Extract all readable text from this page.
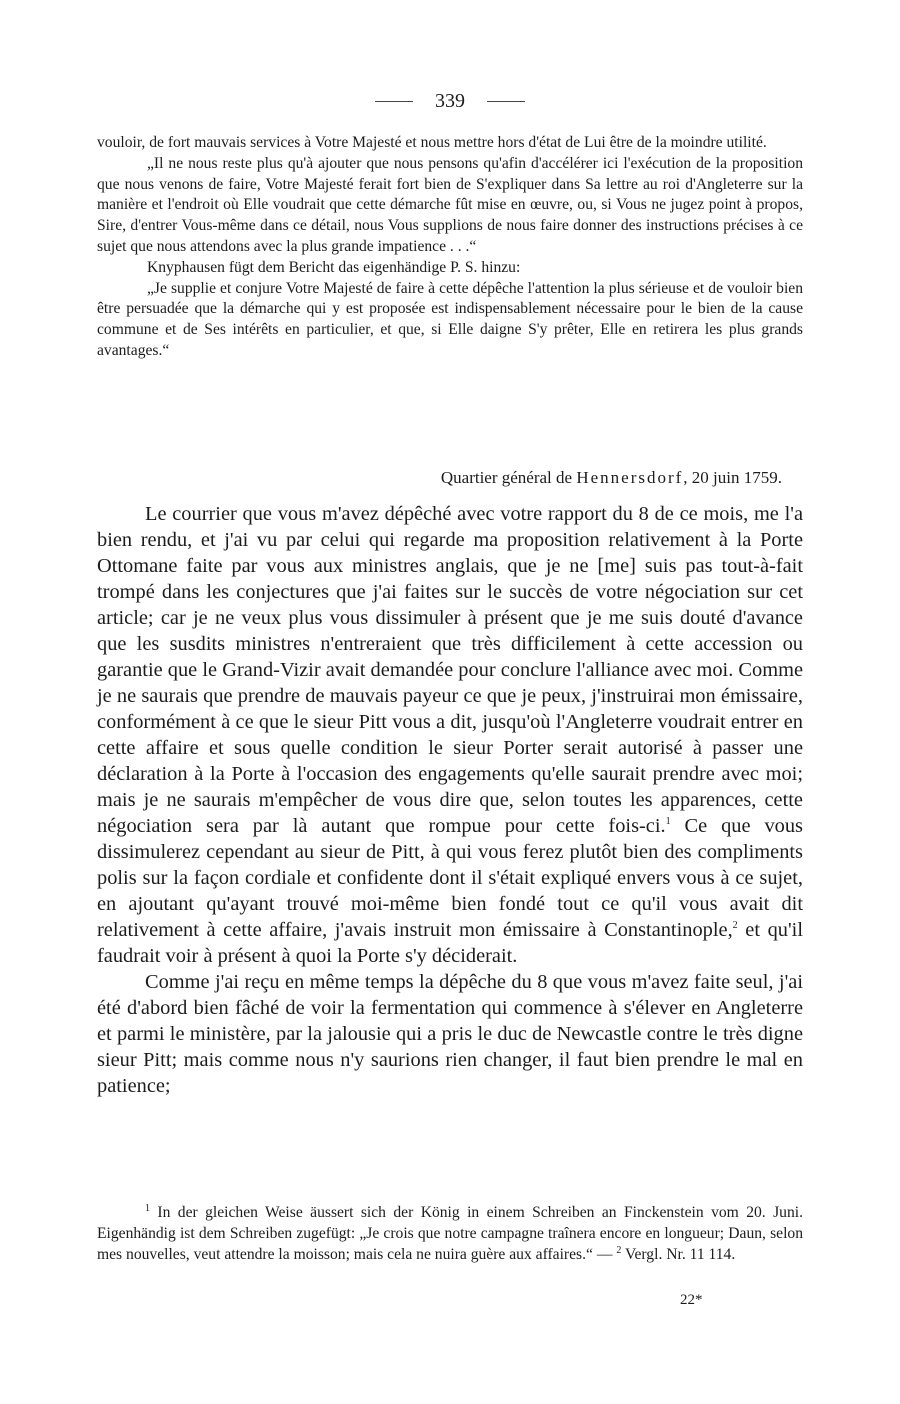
339

vouloir, de fort mauvais services à Votre Majesté et nous mettre hors d'état de Lui être de la moindre utilité.

„Il ne nous reste plus qu'à ajouter que nous pensons qu'afin d'accélérer ici l'exécution de la proposition que nous venons de faire, Votre Majesté ferait fort bien de S'expliquer dans Sa lettre au roi d'Angleterre sur la manière et l'endroit où Elle voudrait que cette démarche fût mise en œuvre, ou, si Vous ne jugez point à propos, Sire, d'entrer Vous-même dans ce détail, nous Vous supplions de nous faire donner des instructions précises à ce sujet que nous attendons avec la plus grande impatience . . .“

Knyphausen fügt dem Bericht das eigenhändige P. S. hinzu:

„Je supplie et conjure Votre Majesté de faire à cette dépêche l'attention la plus sérieuse et de vouloir bien être persuadée que la démarche qui y est proposée est indispensablement nécessaire pour le bien de la cause commune et de Ses intérêts en particulier, et que, si Elle daigne S'y prêter, Elle en retirera les plus grands avantages.“

Quartier général de Hennersdorf, 20 juin 1759.

Le courrier que vous m'avez dépêché avec votre rapport du 8 de ce mois, me l'a bien rendu, et j'ai vu par celui qui regarde ma proposition relativement à la Porte Ottomane faite par vous aux ministres anglais, que je ne [me] suis pas tout-à-fait trompé dans les conjectures que j'ai faites sur le succès de votre négociation sur cet article; car je ne veux plus vous dissimuler à présent que je me suis douté d'avance que les susdits ministres n'entreraient que très difficilement à cette accession ou garantie que le Grand-Vizir avait demandée pour conclure l'alliance avec moi. Comme je ne saurais que prendre de mauvais payeur ce que je peux, j'instruirai mon émissaire, conformément à ce que le sieur Pitt vous a dit, jusqu'où l'Angleterre voudrait entrer en cette affaire et sous quelle condition le sieur Porter serait autorisé à passer une déclaration à la Porte à l'occasion des engagements qu'elle saurait prendre avec moi; mais je ne saurais m'empêcher de vous dire que, selon toutes les apparences, cette négociation sera par là autant que rompue pour cette fois-ci.$^1$ Ce que vous dissimulerez cependant au sieur de Pitt, à qui vous ferez plutôt bien des compliments polis sur la façon cordiale et confidente dont il s'était expliqué envers vous à ce sujet, en ajoutant qu'ayant trouvé moi-même bien fondé tout ce qu'il vous avait dit relativement à cette affaire, j'avais instruit mon émissaire à Constantinople,$^2$ et qu'il faudrait voir à présent à quoi la Porte s'y déciderait.

Comme j'ai reçu en même temps la dépêche du 8 que vous m'avez faite seul, j'ai été d'abord bien fâché de voir la fermentation qui commence à s'élever en Angleterre et parmi le ministère, par la jalousie qui a pris le duc de Newcastle contre le très digne sieur Pitt; mais comme nous n'y saurions rien changer, il faut bien prendre le mal en patience;

$^1$ In der gleichen Weise äussert sich der König in einem Schreiben an Finckenstein vom 20. Juni. Eigenhändig ist dem Schreiben zugefügt: „Je crois que notre campagne traînera encore en longueur; Daun, selon mes nouvelles, veut attendre la moisson; mais cela ne nuira guère aux affaires.“ — $^2$ Vergl. Nr. 11 114.

22*
